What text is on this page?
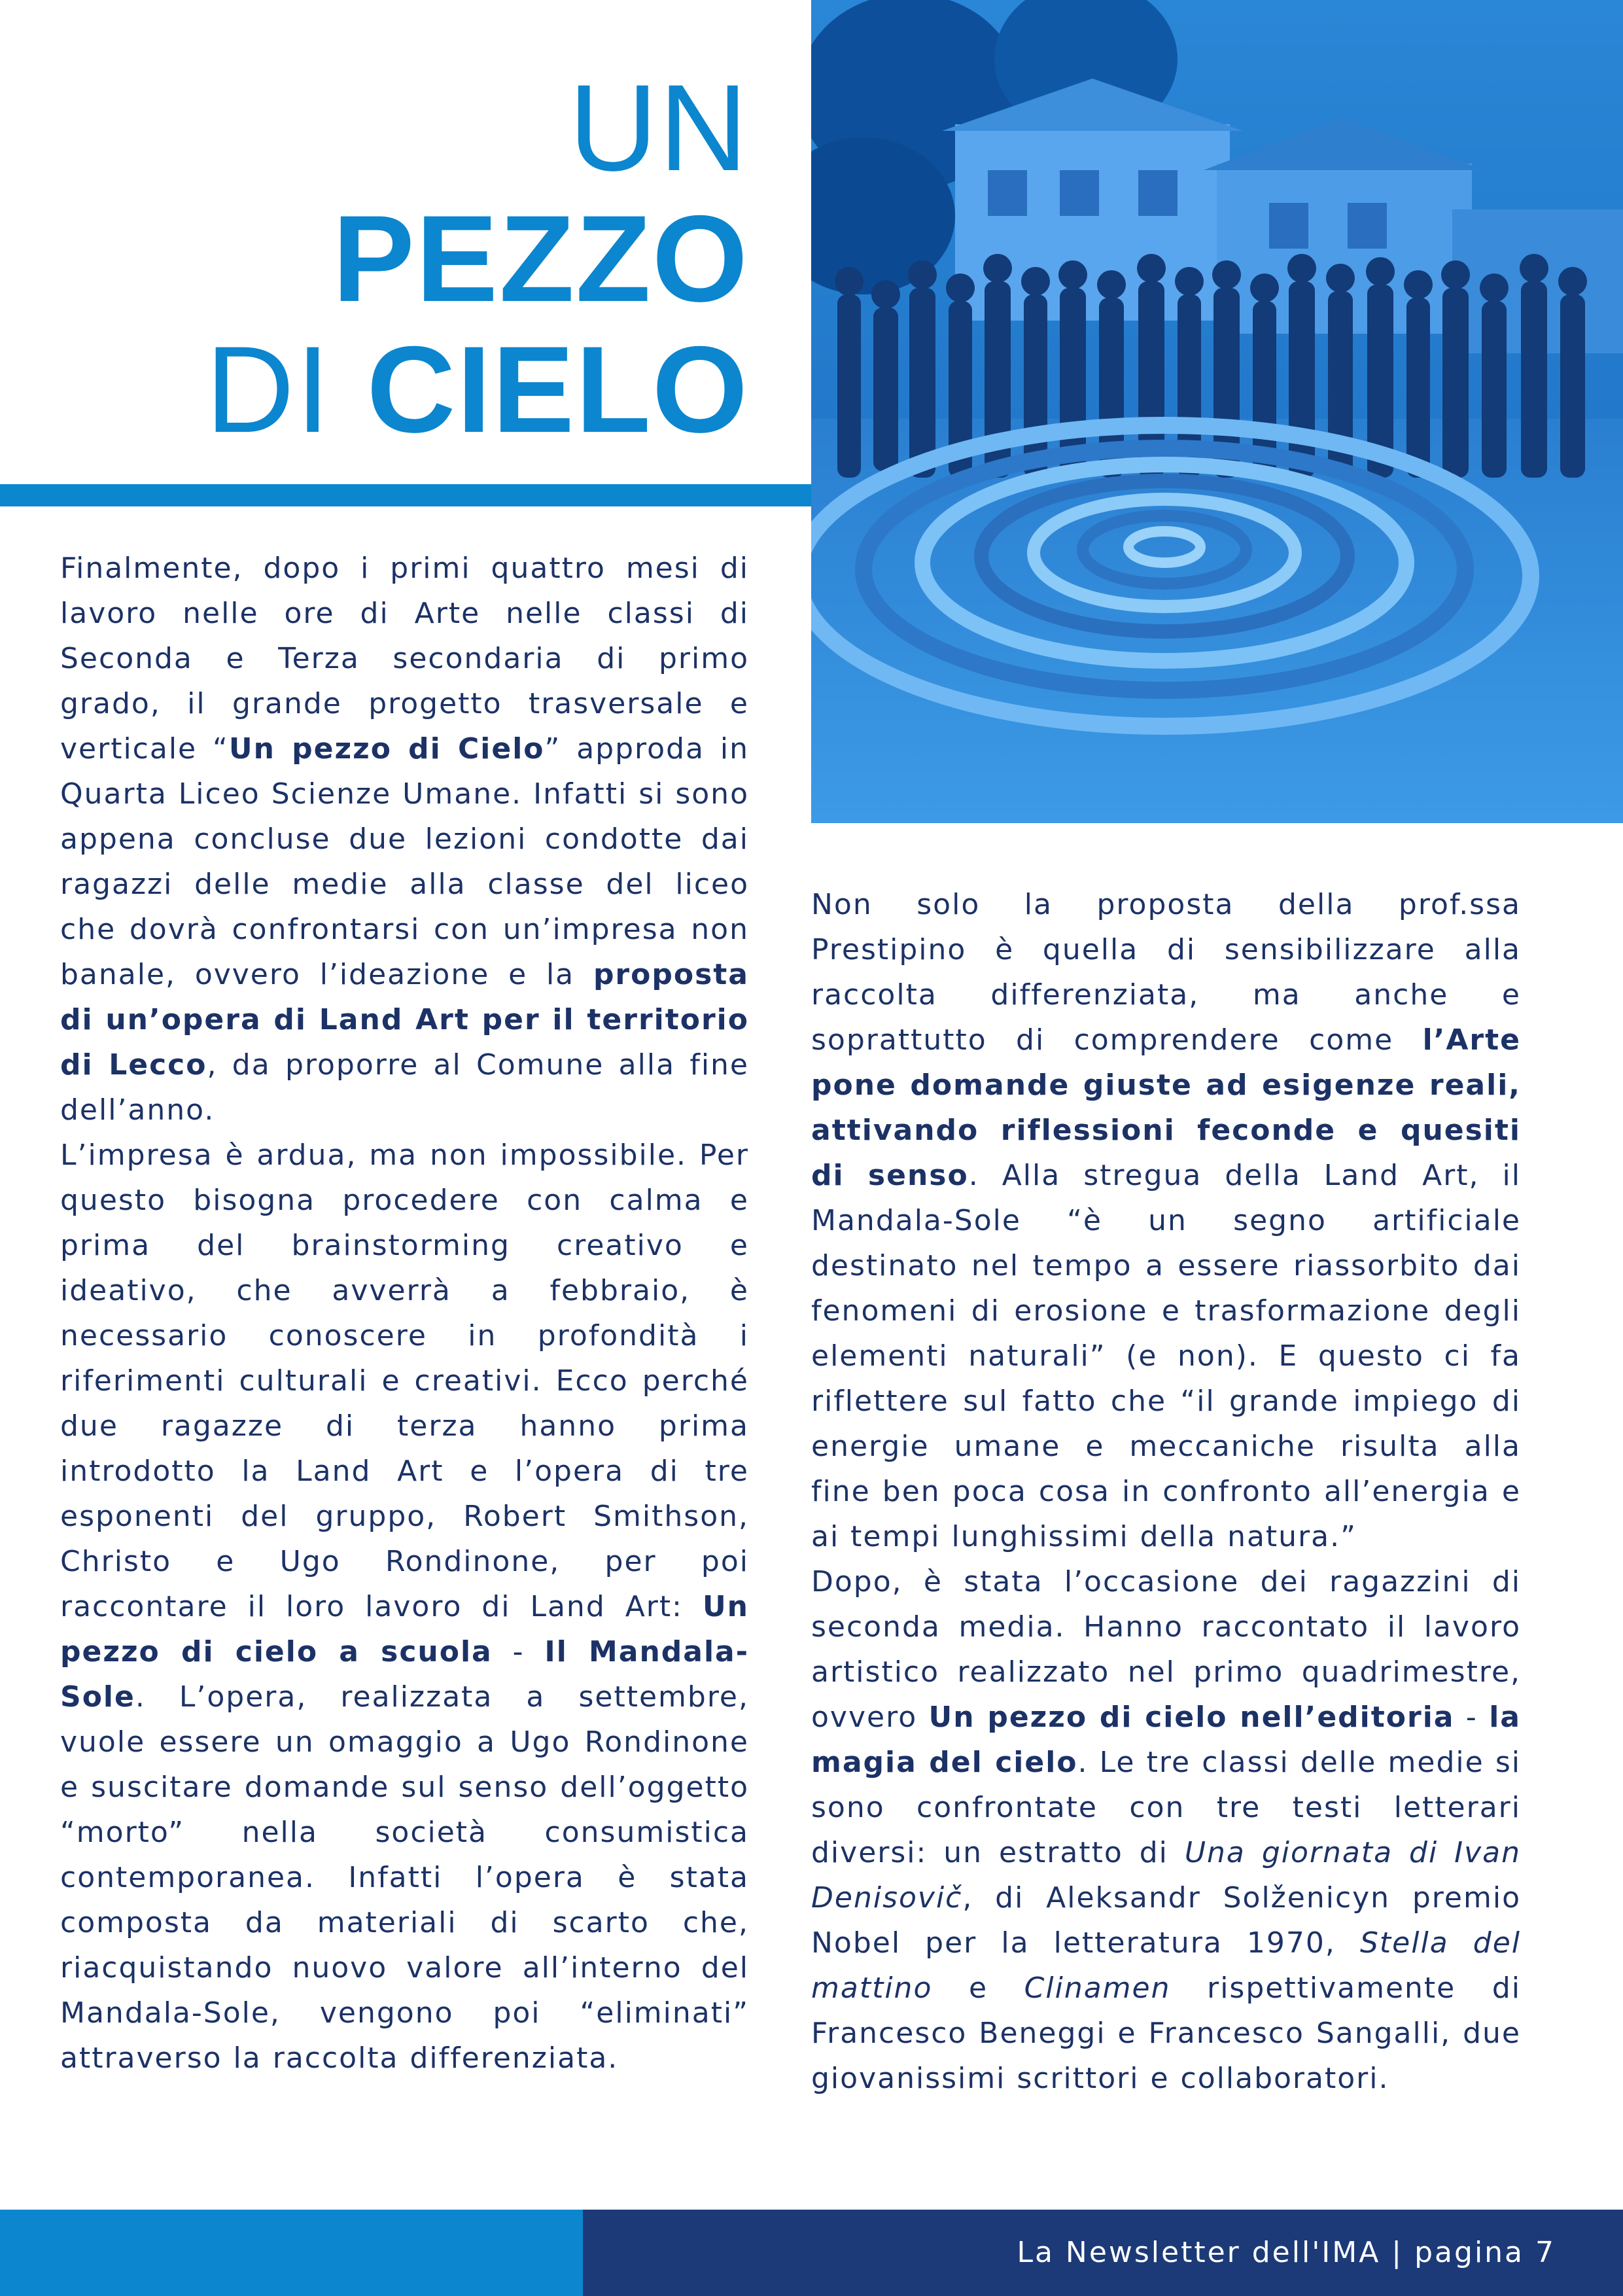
UN
PEZZO
DI CIELO

Finalmente, dopo i primi quattro mesi di lavoro nelle ore di Arte nelle classi di Seconda e Terza secondaria di primo grado, il grande progetto trasversale e verticale “Un pezzo di Cielo” approda in Quarta Liceo Scienze Umane. Infatti si sono appena concluse due lezioni condotte dai ragazzi delle medie alla classe del liceo che dovrà confrontarsi con un’impresa non banale, ovvero l’ideazione e la proposta di un’opera di Land Art per il territorio di Lecco, da proporre al Comune alla fine dell’anno.

L’impresa è ardua, ma non impossibile. Per questo bisogna procedere con calma e prima del brainstorming creativo e ideativo, che avverrà a febbraio, è necessario conoscere in profondità i riferimenti culturali e creativi. Ecco perché due ragazze di terza hanno prima introdotto la Land Art e l’opera di tre esponenti del gruppo, Robert Smithson, Christo e Ugo Rondinone, per poi raccontare il loro lavoro di Land Art: Un pezzo di cielo a scuola - Il Mandala-Sole. L’opera, realizzata a settembre, vuole essere un omaggio a Ugo Rondinone e suscitare domande sul senso dell’oggetto “morto” nella società consumistica contemporanea. Infatti l’opera è stata composta da materiali di scarto che, riacquistando nuovo valore all’interno del Mandala-Sole, vengono poi “eliminati” attraverso la raccolta differenziata.

Non solo la proposta della prof.ssa Prestipino è quella di sensibilizzare alla raccolta differenziata, ma anche e soprattutto di comprendere come l’Arte pone domande giuste ad esigenze reali, attivando riflessioni feconde e quesiti di senso. Alla stregua della Land Art, il Mandala-Sole “è un segno artificiale destinato nel tempo a essere riassorbito dai fenomeni di erosione e trasformazione degli elementi naturali” (e non). E questo ci fa riflettere sul fatto che “il grande impiego di energie umane e meccaniche risulta alla fine ben poca cosa in confronto all’energia e ai tempi lunghissimi della natura.”

Dopo, è stata l’occasione dei ragazzini di seconda media. Hanno raccontato il lavoro artistico realizzato nel primo quadrimestre, ovvero Un pezzo di cielo nell’editoria - la magia del cielo. Le tre classi delle medie si sono confrontate con tre testi letterari diversi: un estratto di Una giornata di Ivan Denisovič, di Aleksandr Solženicyn premio Nobel per la letteratura 1970, Stella del mattino e Clinamen rispettivamente di Francesco Beneggi e Francesco Sangalli, due giovanissimi scrittori e collaboratori.

La Newsletter dell'IMA | pagina 7
